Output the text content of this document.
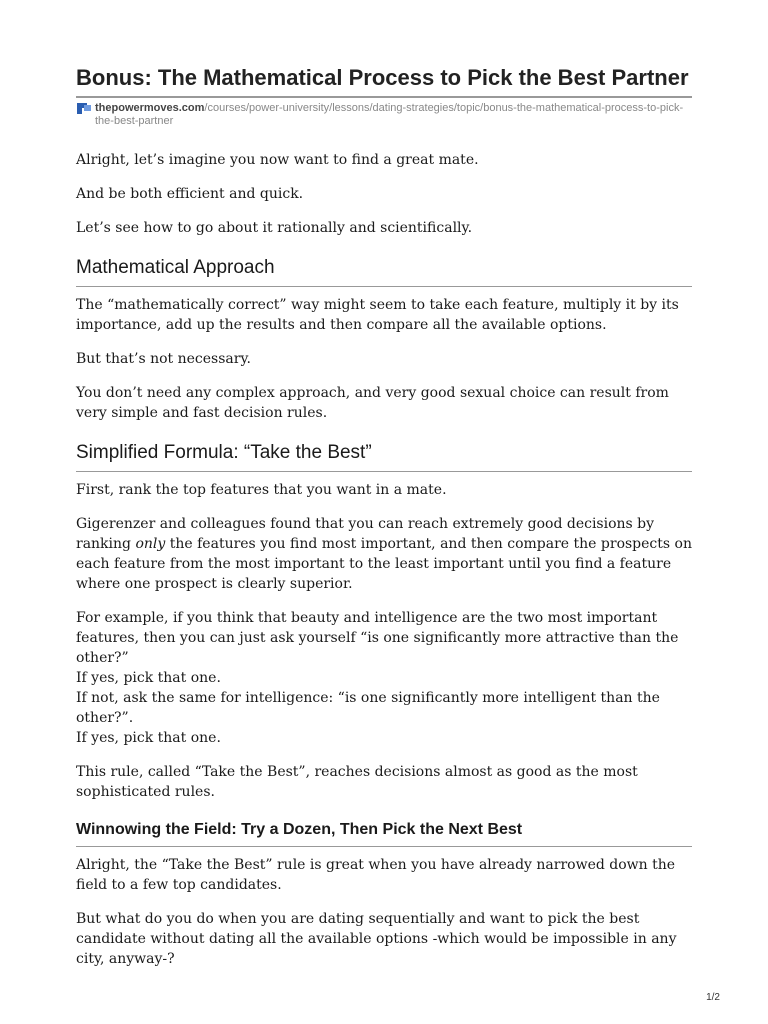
Bonus: The Mathematical Process to Pick the Best Partner
thepowermoves.com/courses/power-university/lessons/dating-strategies/topic/bonus-the-mathematical-process-to-pick-the-best-partner

Alright, let’s imagine you now want to find a great mate.

And be both efficient and quick.

Let’s see how to go about it rationally and scientifically.

Mathematical Approach

The “mathematically correct” way might seem to take each feature, multiply it by its importance, add up the results and then compare all the available options.

But that’s not necessary.

You don’t need any complex approach, and very good sexual choice can result from very simple and fast decision rules.

Simplified Formula: “Take the Best”

First, rank the top features that you want in a mate.

Gigerenzer and colleagues found that you can reach extremely good decisions by ranking only the features you find most important, and then compare the prospects on each feature from the most important to the least important until you find a feature where one prospect is clearly superior.

For example, if you think that beauty and intelligence are the two most important features, then you can just ask yourself “is one significantly more attractive than the other?”
If yes, pick that one.
If not, ask the same for intelligence: “is one significantly more intelligent than the other?”.
If yes, pick that one.

This rule, called “Take the Best”, reaches decisions almost as good as the most sophisticated rules.

Winnowing the Field: Try a Dozen, Then Pick the Next Best

Alright, the “Take the Best” rule is great when you have already narrowed down the field to a few top candidates.

But what do you do when you are dating sequentially and want to pick the best candidate without dating all the available options -which would be impossible in any city, anyway-?

1/2
